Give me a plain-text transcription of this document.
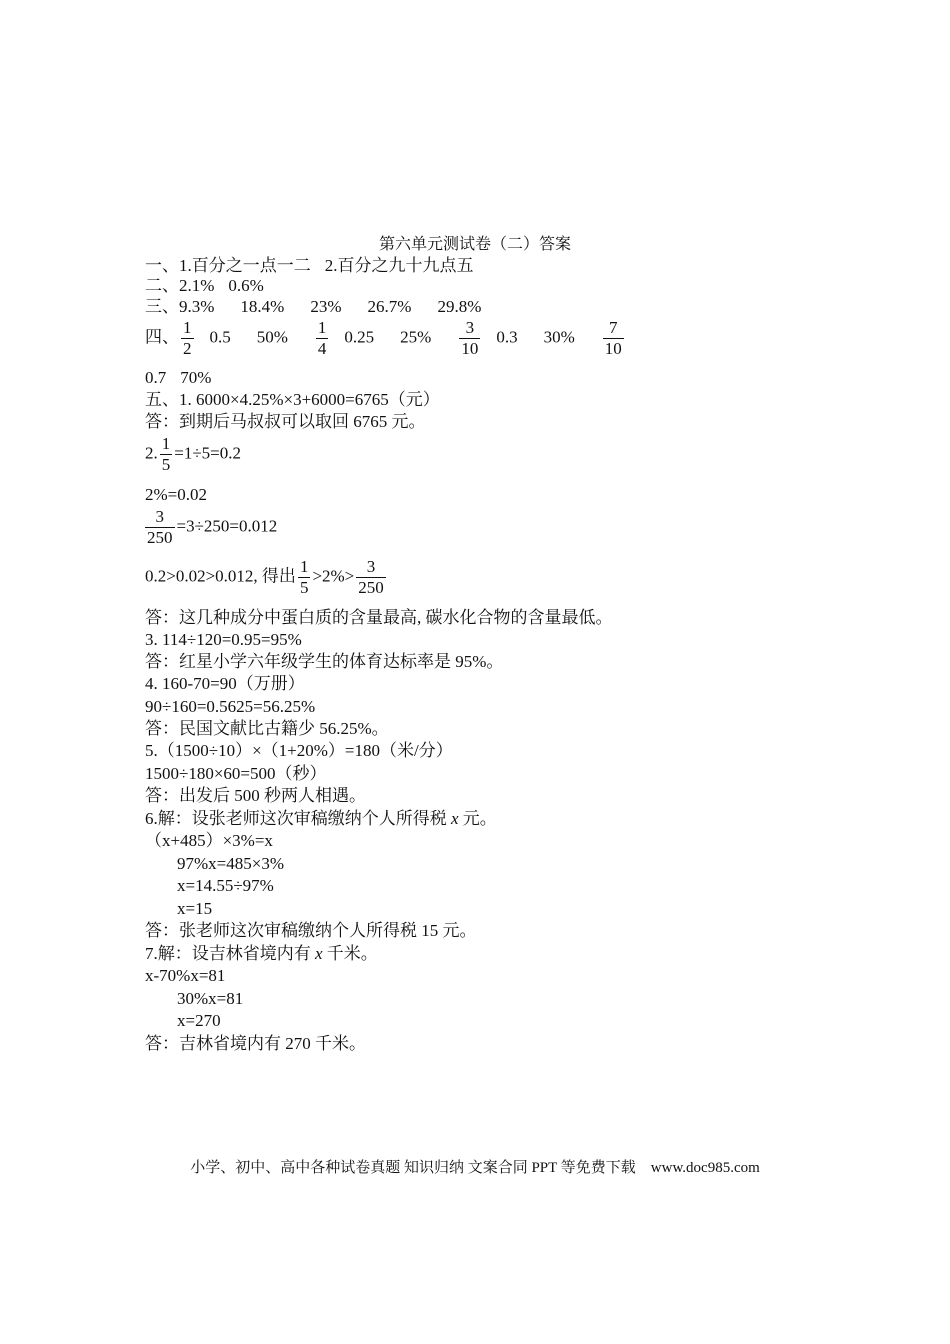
第六单元测试卷（二）答案
一、1.百分之一点一二 2.百分之九十九点五
二、2.1% 0.6%
三、9.3% 18.4% 23% 26.7% 29.8%
四、 $\frac{1}{2} 0.5$ $50\% \frac{1}{4} 0.25$ $25\% \frac{3}{10} 0.3$ $30\% \frac{7}{10}$
0.7 70%
五、1. 6000×4.25%×3+6000=6765（元）
答：到期后马叔叔可以取回 6765 元。
2. $\frac{1}{5} =1\div 5=0.2$
2%=0.02
$\frac{3}{250} =3\div 250=0.012$
0.2>0.02>0.012, 得出 $\frac{1}{5} >2\%> \frac{3}{250}$
答：这几种成分中蛋白质的含量最高, 碳水化合物的含量最低。
3. 114÷120=0.95=95%
答：红星小学六年级学生的体育达标率是 95%。
4. 160-70=90（万册）
90÷160=0.5625=56.25%
答：民国文献比古籍少 56.25%。
5.（1500÷10）×（1+20%）=180（米/分）
1500÷180×60=500（秒）
答：出发后 500 秒两人相遇。
6.解：设张老师这次审稿缴纳个人所得税 x 元。
（x+485）×3%=x
97%x=485×3%
x=14.55÷97%
x=15
答：张老师这次审稿缴纳个人所得税 15 元。
7.解：设吉林省境内有 x 千米。
x-70%x=81
30%x=81
x=270
答：吉林省境内有 270 千米。
小学、初中、高中各种试卷真题 知识归纳 文案合同 PPT 等免费下载　www.doc985.com
